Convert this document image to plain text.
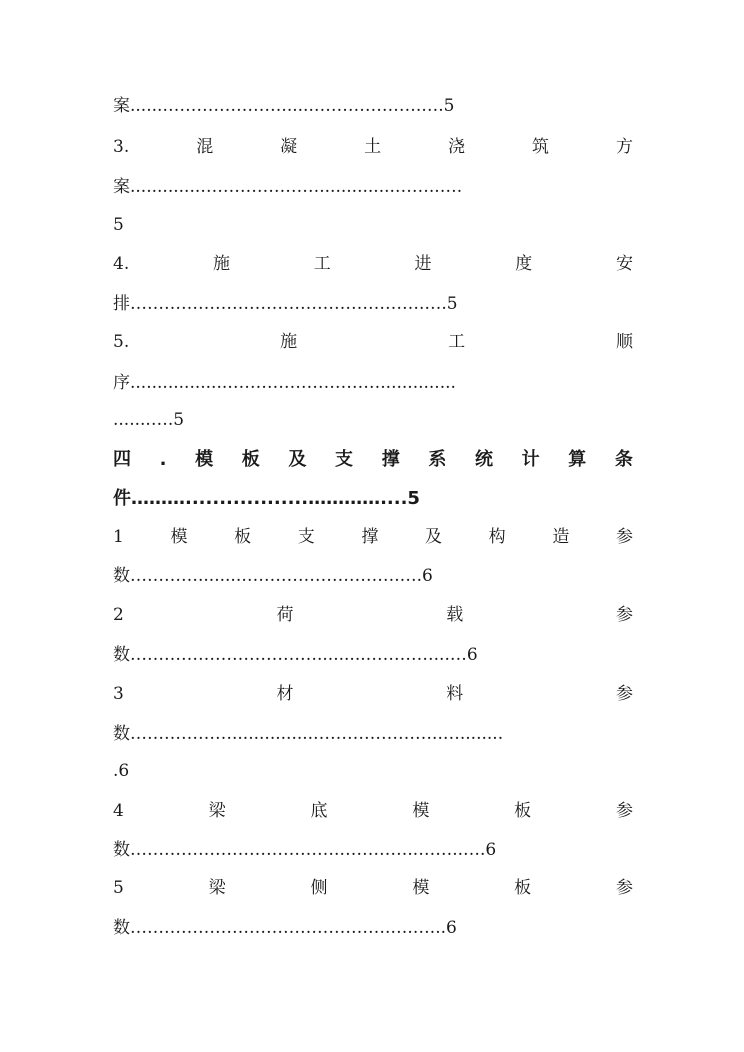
案......…………………......……………….….5
3.	混	凝	土	浇	筑	方
案.............…………………..............……..….
5
4.	施	工	进	度	安
排…………………………………………….….5
5.	施	工	顺
序..................………………………..............
.......….5
四 . 模 板 及 支 撑 系 统 计 算 条
件………..................…………....5
1	模	板	支	撑	及	构	造	参
数…………........……………………….….6
2	荷	载	参
数…………………………….........…………...…6
3	材	料	参
数………………...............…………………..…........
.6
4	梁	底	模	板	参
数……………………………….…………..……..….6
5	梁	侧	模	板	参
数……………………………………….….…...6
